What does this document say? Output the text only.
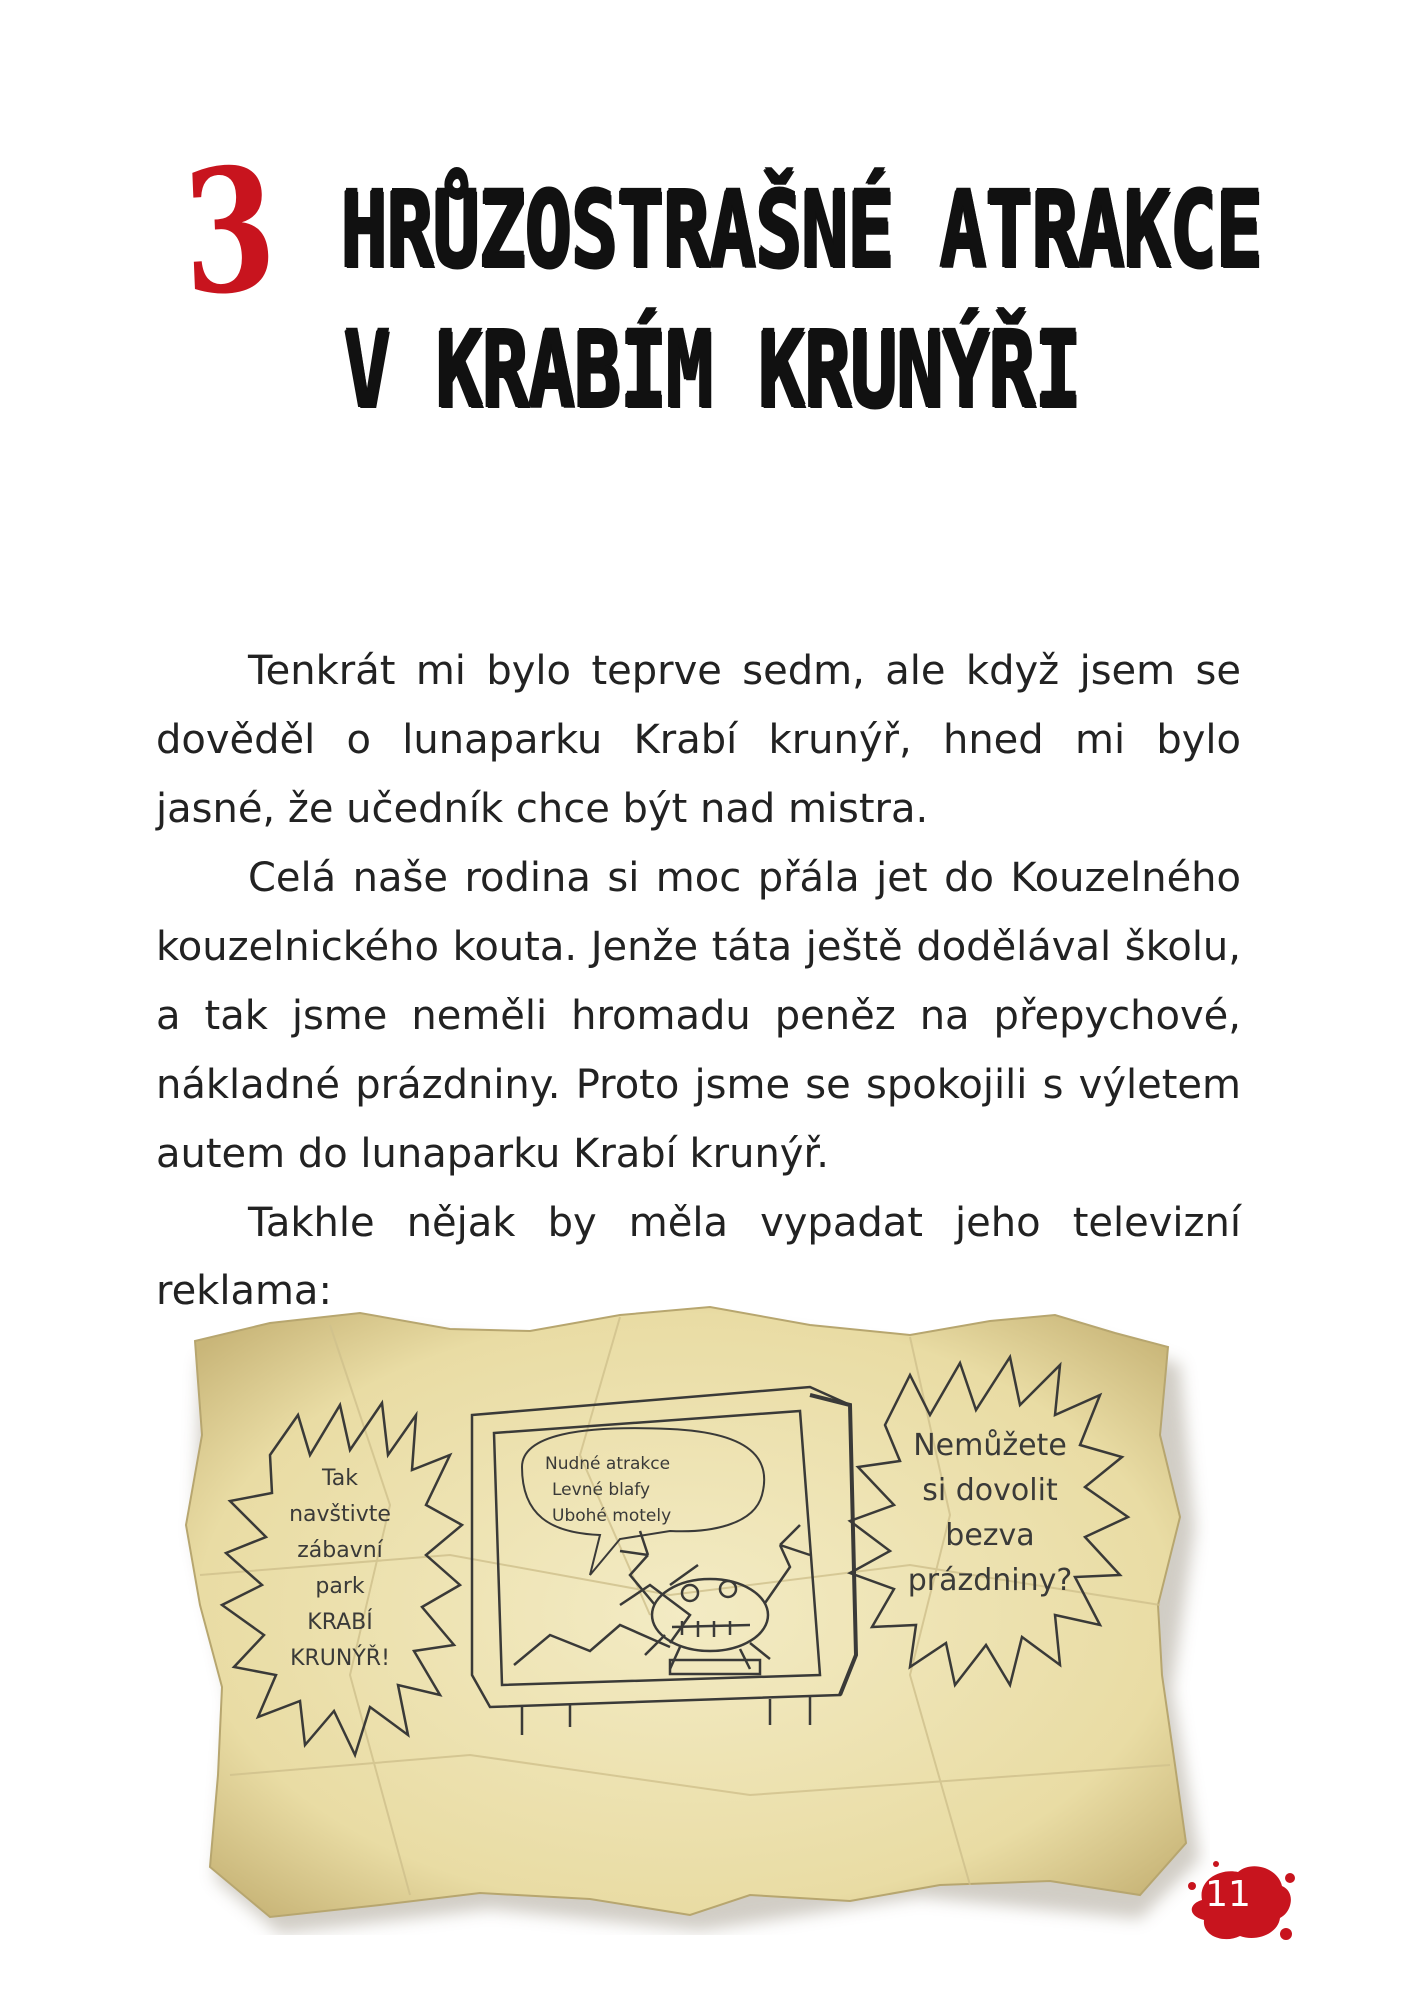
3 HRŮZOSTRAŠNÉ ATRAKCE
V KRABÍM KRUNÝŘI

Tenkrát mi bylo teprve sedm, ale když jsem se dověděl o lunaparku Krabí krunýř, hned mi bylo jasné, že učedník chce být nad mistra.

Celá naše rodina si moc přála jet do Kouzelného kouzelnického kouta. Jenže táta ještě dodělával školu, a tak jsme neměli hromadu peněz na přepychové, nákladné prázdniny. Proto jsme se spokojili s výletem autem do lunaparku Krabí krunýř.

Takhle nějak by měla vypadat jeho televizní

reklama:
Tak
navštivte
zábavní
park
KRABÍ
KRUNÝŘ!
Nudné atrakce
Levné blafy
Ubohé motely
Nemůžete
si dovolit
bezva
prázdniny?
11
